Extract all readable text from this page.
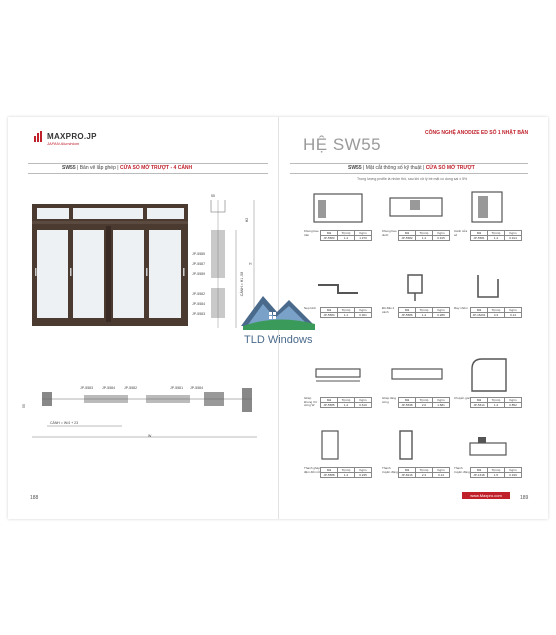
MAXPRO.JP
JAPAN Aluminium
SW55 | Bản vẽ lắp ghép | CỬA SỔ MỞ TRƯỢT - 4 CÁNH
55
H2
CÁNH = H1 -58
H
JP-5585
JP-5587
JP-5589
JP-5582
JP-5584
JP-5583
CÁNH = W/4 + 23
W
55
JP-5583	JP-5584	JP-5582	JP-5581 JP-5584
188
CÔNG NGHỆ ANODIZE ED SỐ 1 NHẬT BẢN
HỆ SW55
SW55 | Mặt cắt thông số kỹ thuật | CỬA SỔ MỞ TRƯỢT
Trọng lượng profile là nhôm thô, sau khi xử lý bề mặt có dung sai ± 5%
Khung bao trên	Mã	T(mm)	Kg/m
JP-5583	1.4	1.370
Khung bao dưới	Mã	T(mm)	Kg/m
JP-5582	1.4	0.915
Cánh cửa sổ	Mã	T(mm)	Kg/m
JP-5581	1.4	0.914
Nẹp kính	Mã	T(mm)	Kg/m
JP-5584	1.1	0.301
Đố đấu 4 cánh	Mã	T(mm)	Kg/m
JP-5586	1.4	0.289
Ray nhôm	Mã	T(mm)	Kg/m
JP-16291	4.3	0.14
Ghép khung Vít cứng W
Mã	T(mm)	Kg/m
JP-5585	1.4	0.610
Ghép tăng cứng	Mã	T(mm)	Kg/m
JP-5538	2.0	1.681
Chuyển góc	Mã	T(mm)	Kg/m
JP-5614	1.4	0.852
Thanh ghép đệm đổi mở	Mã	T(mm)	Kg/m
JP-5588	1.4	0.235
Thanh truyền động	Mã	T(mm)	Kg/m
JP-8216	2.3	0.14
Thanh truyền động	Mã	T(mm)	Kg/m
JP-1618	1.5	0.199
TLD Windows
www.Maxpro.com	189
